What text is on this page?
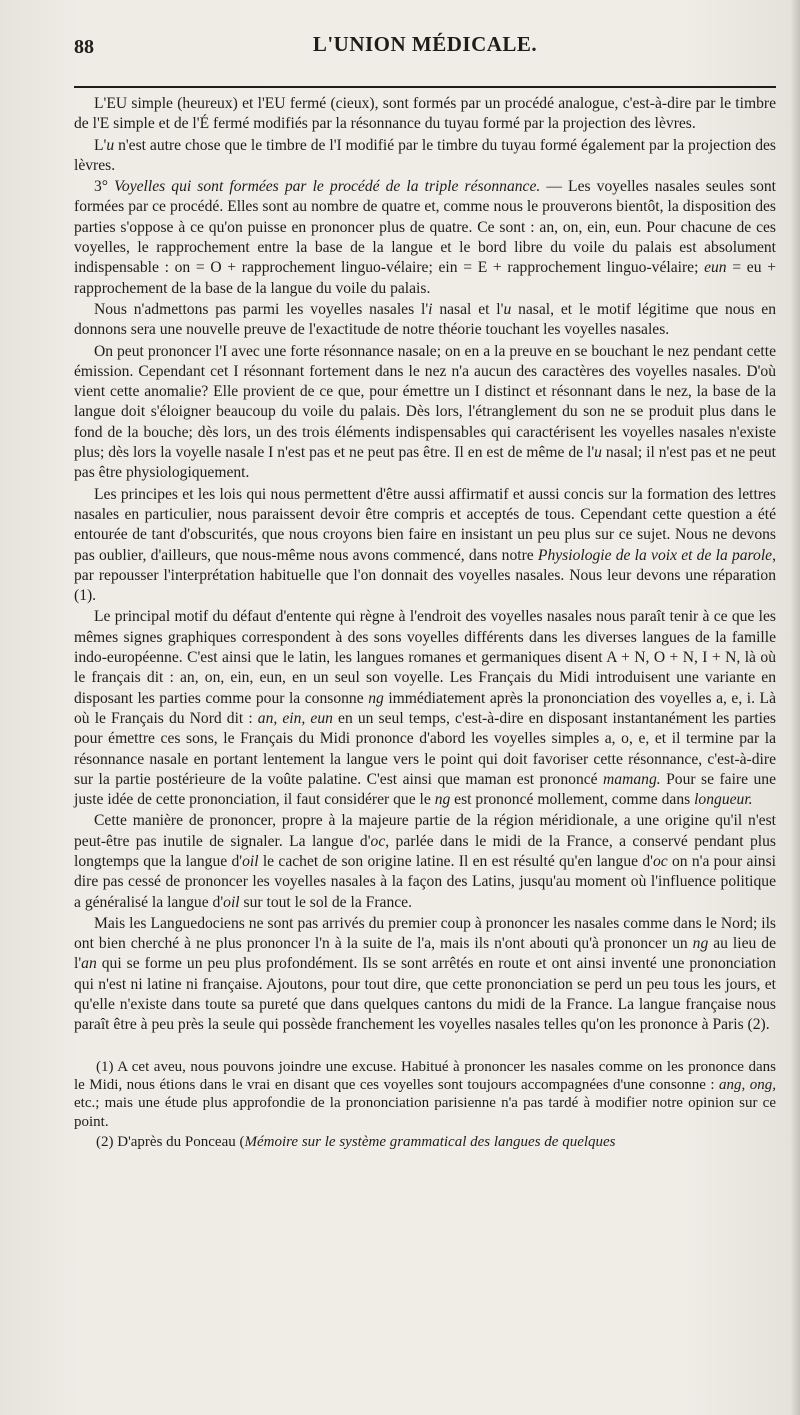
88	L'UNION MÉDICALE.

L'EU simple (heureux) et l'EU fermé (cieux), sont formés par un procédé analogue, c'est-à-dire par le timbre de l'E simple et de l'É fermé modifiés par la résonnance du tuyau formé par la projection des lèvres.

L'u n'est autre chose que le timbre de l'I modifié par le timbre du tuyau formé également par la projection des lèvres.

3° Voyelles qui sont formées par le procédé de la triple résonnance. — Les voyelles nasales seules sont formées par ce procédé. Elles sont au nombre de quatre et, comme nous le prouverons bientôt, la disposition des parties s'oppose à ce qu'on puisse en prononcer plus de quatre. Ce sont : an, on, ein, eun. Pour chacune de ces voyelles, le rapprochement entre la base de la langue et le bord libre du voile du palais est absolument indispensable : on = O + rapprochement linguo-vélaire; ein = E + rapprochement linguo-vélaire; eun = eu + rapprochement de la base de la langue du voile du palais.

Nous n'admettons pas parmi les voyelles nasales l'i nasal et l'u nasal, et le motif légitime que nous en donnons sera une nouvelle preuve de l'exactitude de notre théorie touchant les voyelles nasales.

On peut prononcer l'I avec une forte résonnance nasale; on en a la preuve en se bouchant le nez pendant cette émission. Cependant cet I résonnant fortement dans le nez n'a aucun des caractères des voyelles nasales. D'où vient cette anomalie? Elle provient de ce que, pour émettre un I distinct et résonnant dans le nez, la base de la langue doit s'éloigner beaucoup du voile du palais. Dès lors, l'étranglement du son ne se produit plus dans le fond de la bouche; dès lors, un des trois éléments indispensables qui caractérisent les voyelles nasales n'existe plus; dès lors la voyelle nasale I n'est pas et ne peut pas être. Il en est de même de l'u nasal; il n'est pas et ne peut pas être physiologiquement.

Les principes et les lois qui nous permettent d'être aussi affirmatif et aussi concis sur la formation des lettres nasales en particulier, nous paraissent devoir être compris et acceptés de tous. Cependant cette question a été entourée de tant d'obscurités, que nous croyons bien faire en insistant un peu plus sur ce sujet. Nous ne devons pas oublier, d'ailleurs, que nous-même nous avons commencé, dans notre Physiologie de la voix et de la parole, par repousser l'interprétation habituelle que l'on donnait des voyelles nasales. Nous leur devons une réparation (1).

Le principal motif du défaut d'entente qui règne à l'endroit des voyelles nasales nous paraît tenir à ce que les mêmes signes graphiques correspondent à des sons voyelles différents dans les diverses langues de la famille indo-européenne. C'est ainsi que le latin, les langues romanes et germaniques disent A + N, O + N, I + N, là où le français dit : an, on, ein, eun, en un seul son voyelle. Les Français du Midi introduisent une variante en disposant les parties comme pour la consonne ng immédiatement après la prononciation des voyelles a, e, i. Là où le Français du Nord dit : an, ein, eun en un seul temps, c'est-à-dire en disposant instantanément les parties pour émettre ces sons, le Français du Midi prononce d'abord les voyelles simples a, o, e, et il termine par la résonnance nasale en portant lentement la langue vers le point qui doit favoriser cette résonnance, c'est-à-dire sur la partie postérieure de la voûte palatine. C'est ainsi que maman est prononcé mamang. Pour se faire une juste idée de cette prononciation, il faut considérer que le ng est prononcé mollement, comme dans longueur.

Cette manière de prononcer, propre à la majeure partie de la région méridionale, a une origine qu'il n'est peut-être pas inutile de signaler. La langue d'oc, parlée dans le midi de la France, a conservé pendant plus longtemps que la langue d'oil le cachet de son origine latine. Il en est résulté qu'en langue d'oc on n'a pour ainsi dire pas cessé de prononcer les voyelles nasales à la façon des Latins, jusqu'au moment où l'influence politique a généralisé la langue d'oil sur tout le sol de la France.

Mais les Languedociens ne sont pas arrivés du premier coup à prononcer les nasales comme dans le Nord; ils ont bien cherché à ne plus prononcer l'n à la suite de l'a, mais ils n'ont abouti qu'à prononcer un ng au lieu de l'an qui se forme un peu plus profondément. Ils se sont arrêtés en route et ont ainsi inventé une prononciation qui n'est ni latine ni française. Ajoutons, pour tout dire, que cette prononciation se perd un peu tous les jours, et qu'elle n'existe dans toute sa pureté que dans quelques cantons du midi de la France. La langue française nous paraît être à peu près la seule qui possède franchement les voyelles nasales telles qu'on les prononce à Paris (2).

(1) A cet aveu, nous pouvons joindre une excuse. Habitué à prononcer les nasales comme on les prononce dans le Midi, nous étions dans le vrai en disant que ces voyelles sont toujours accompagnées d'une consonne : ang, ong, etc.; mais une étude plus approfondie de la prononciation parisienne n'a pas tardé à modifier notre opinion sur ce point.

(2) D'après du Ponceau (Mémoire sur le système grammatical des langues de quelques
